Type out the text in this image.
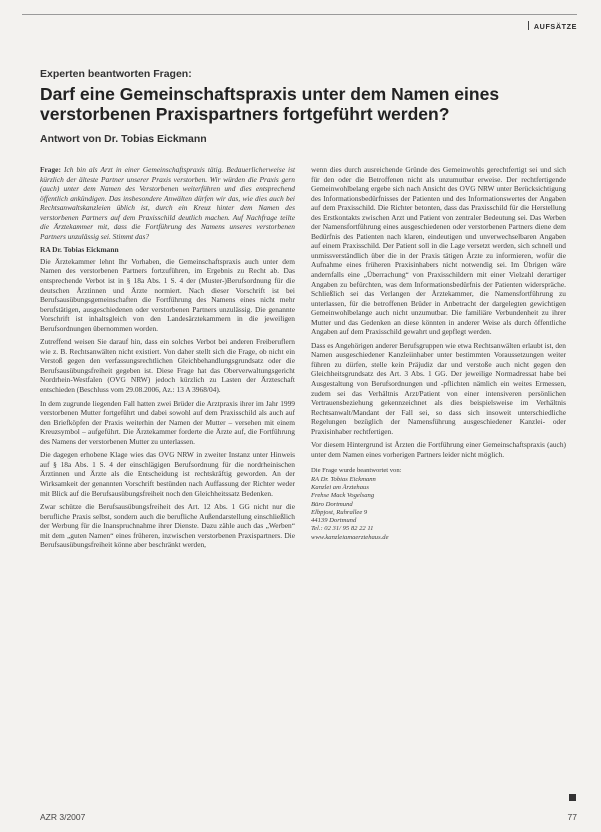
AUFSÄTZE
Experten beantworten Fragen:
Darf eine Gemeinschaftspraxis unter dem Namen eines verstorbenen Praxispartners fortgeführt werden?
Antwort von Dr. Tobias Eickmann

Frage: Ich bin als Arzt in einer Gemeinschaftspraxis tätig. Bedauerlicherweise ist kürzlich der älteste Partner unserer Praxis verstorben. Wir würden die Praxis gern (auch) unter dem Namen des Verstorbenen weiterführen und dies entsprechend öffentlich ankündigen. Das insbesondere Anwälten dürfen wir das, wie dies auch bei Rechtsanwaltskanzleien üblich ist, durch ein Kreuz hinter dem Namen des verstorbenen Partners auf dem Praxisschild deutlich machen. Auf Nachfrage teilte die Ärztekammer mit, dass die Fortführung des Namens unseres verstorbenen Partners unzulässig sei. Stimmt das?

RA Dr. Tobias Eickmann

Die Ärztekammer lehnt Ihr Vorhaben, die Gemeinschaftspraxis auch unter dem Namen des verstorbenen Partners fortzuführen, im Ergebnis zu Recht ab. Das entsprechende Verbot ist in § 18a Abs. 1 S. 4 der (Muster-)Berufsordnung für die deutschen Ärztinnen und Ärzte normiert. Nach dieser Vorschrift ist bei Berufsausübungsgemeinschaften die Fortführung des Namens eines nicht mehr berufstätigen, ausgeschiedenen oder verstorbenen Partners unzulässig. Die genannte Vorschrift ist inhaltsgleich von den Landesärztekammern in die jeweiligen Berufsordnungen übernommen worden.

Zutreffend weisen Sie darauf hin, dass ein solches Verbot bei anderen Freiberuflern wie z. B. Rechtsanwälten nicht existiert. Von daher stellt sich die Frage, ob nicht ein Verstoß gegen den verfassungsrechtlichen Gleichbehandlungsgrundsatz oder die Berufsausübungsfreiheit gegeben ist. Diese Frage hat das Oberverwaltungsgericht Nordrhein-Westfalen (OVG NRW) jedoch kürzlich zu Lasten der Ärzteschaft entschieden (Beschluss vom 29.08.2006, Az.: 13 A 3968/04).

In dem zugrunde liegenden Fall hatten zwei Brüder die Arztpraxis ihrer im Jahr 1999 verstorbenen Mutter fortgeführt und dabei sowohl auf dem Praxisschild als auch auf den Briefköpfen der Praxis weiterhin der Namen der Mutter – versehen mit einem Kreuzsymbol – aufgeführt. Die Ärztekammer forderte die Ärzte auf, die Fortführung des Namens der verstorbenen Mutter zu unterlassen.

Die dagegen erhobene Klage wies das OVG NRW in zweiter Instanz unter Hinweis auf § 18a Abs. 1 S. 4 der einschlägigen Berufsordnung für die nordrheinischen Ärztinnen und Ärzte als die Entscheidung ist rechtskräftig geworden. An der Wirksamkeit der genannten Vorschrift bestünden nach Auffassung der Richter weder mit Blick auf die Berufsausübungsfreiheit noch den Gleichheitssatz Bedenken.

Zwar schütze die Berufsausübungsfreiheit des Art. 12 Abs. 1 GG nicht nur die berufliche Praxis selbst, sondern auch die berufliche Außendarstellung einschließlich der Werbung für die Inanspruchnahme ihrer Dienste. Dazu zähle auch das „Werben“ mit dem „guten Namen“ eines früheren, inzwischen verstorbenen Praxispartners. Die Berufsausübungsfreiheit könne aber beschränkt werden,

wenn dies durch ausreichende Gründe des Gemeinwohls gerechtfertigt sei und sich für den oder die Betroffenen nicht als unzumutbar erweise. Der rechtfertigende Gemeinwohlbelang ergebe sich nach Ansicht des OVG NRW unter Berücksichtigung des Informationsbedürfnisses der Patienten und des Informationswertes der Angaben auf dem Praxisschild. Die Richter betonten, dass das Praxisschild für die Herstellung des Erstkontakts zwischen Arzt und Patient von zentraler Bedeutung sei. Das Werben der Namensfortführung eines ausgeschiedenen oder verstorbenen Partners diene dem Bedürfnis des Patienten nach klaren, eindeutigen und unverwechselbaren Angaben auf einem Praxisschild. Der Patient soll in die Lage versetzt werden, sich schnell und unmissverständlich über die in der Praxis tätigen Ärzte zu informieren, wofür die Aufnahme eines früheren Praxisinhabers nicht notwendig sei. Im Übrigen wäre andernfalls eine „Überrachung“ von Praxisschildern mit einer Vielzahl derartiger Angaben zu befürchten, was dem Informationsbedürfnis der Patienten widerspräche. Schließlich sei das Verlangen der Ärztekammer, die Namensfortführung zu unterlassen, für die betroffenen Brüder in Anbetracht der dargelegten gewichtigen Gemeinwohlbelange auch nicht unzumutbar. Die familiäre Verbundenheit zu ihrer Mutter und das Gedenken an diese könnten in anderer Weise als durch öffentliche Angaben auf dem Praxisschild gewahrt und gepflegt werden.

Dass es Angehörigen anderer Berufsgruppen wie etwa Rechtsanwälten erlaubt ist, den Namen ausgeschiedener Kanzleiinhaber unter bestimmten Voraussetzungen weiter führen zu dürfen, stelle kein Präjudiz dar und verstoße auch nicht gegen den Gleichheitsgrundsatz des Art. 3 Abs. 1 GG. Der jeweilige Normadressat habe bei Ausgestaltung von Berufsordnungen und -pflichten nämlich ein weites Ermessen, zudem sei das Verhältnis Arzt/Patient von einer intensiveren persönlichen Vertrauensbeziehung gekennzeichnet als dies beispielsweise im Verhältnis Rechtsanwalt/Mandant der Fall sei, so dass sich insoweit unterschiedliche Regelungen bezüglich der Namensführung ausgeschiedener Kanzlei- oder Praxisinhaber rechtfertigen.

Vor diesem Hintergrund ist Ärzten die Fortführung einer Gemeinschaftspraxis (auch) unter dem Namen eines vorherigen Partners leider nicht möglich.

Die Frage wurde beantwortet von:
RA Dr. Tobias Eickmann
Kanzlei am Ärztehaus
Frehse Mack Vogelsang
Büro Dortmund
Elbpjost, Ruhrallee 9
44139 Dortmund
Tel.: 02 31/ 95 82 22 11
www.kanzleiamaerztehaus.de
AZR 3/2007	77
